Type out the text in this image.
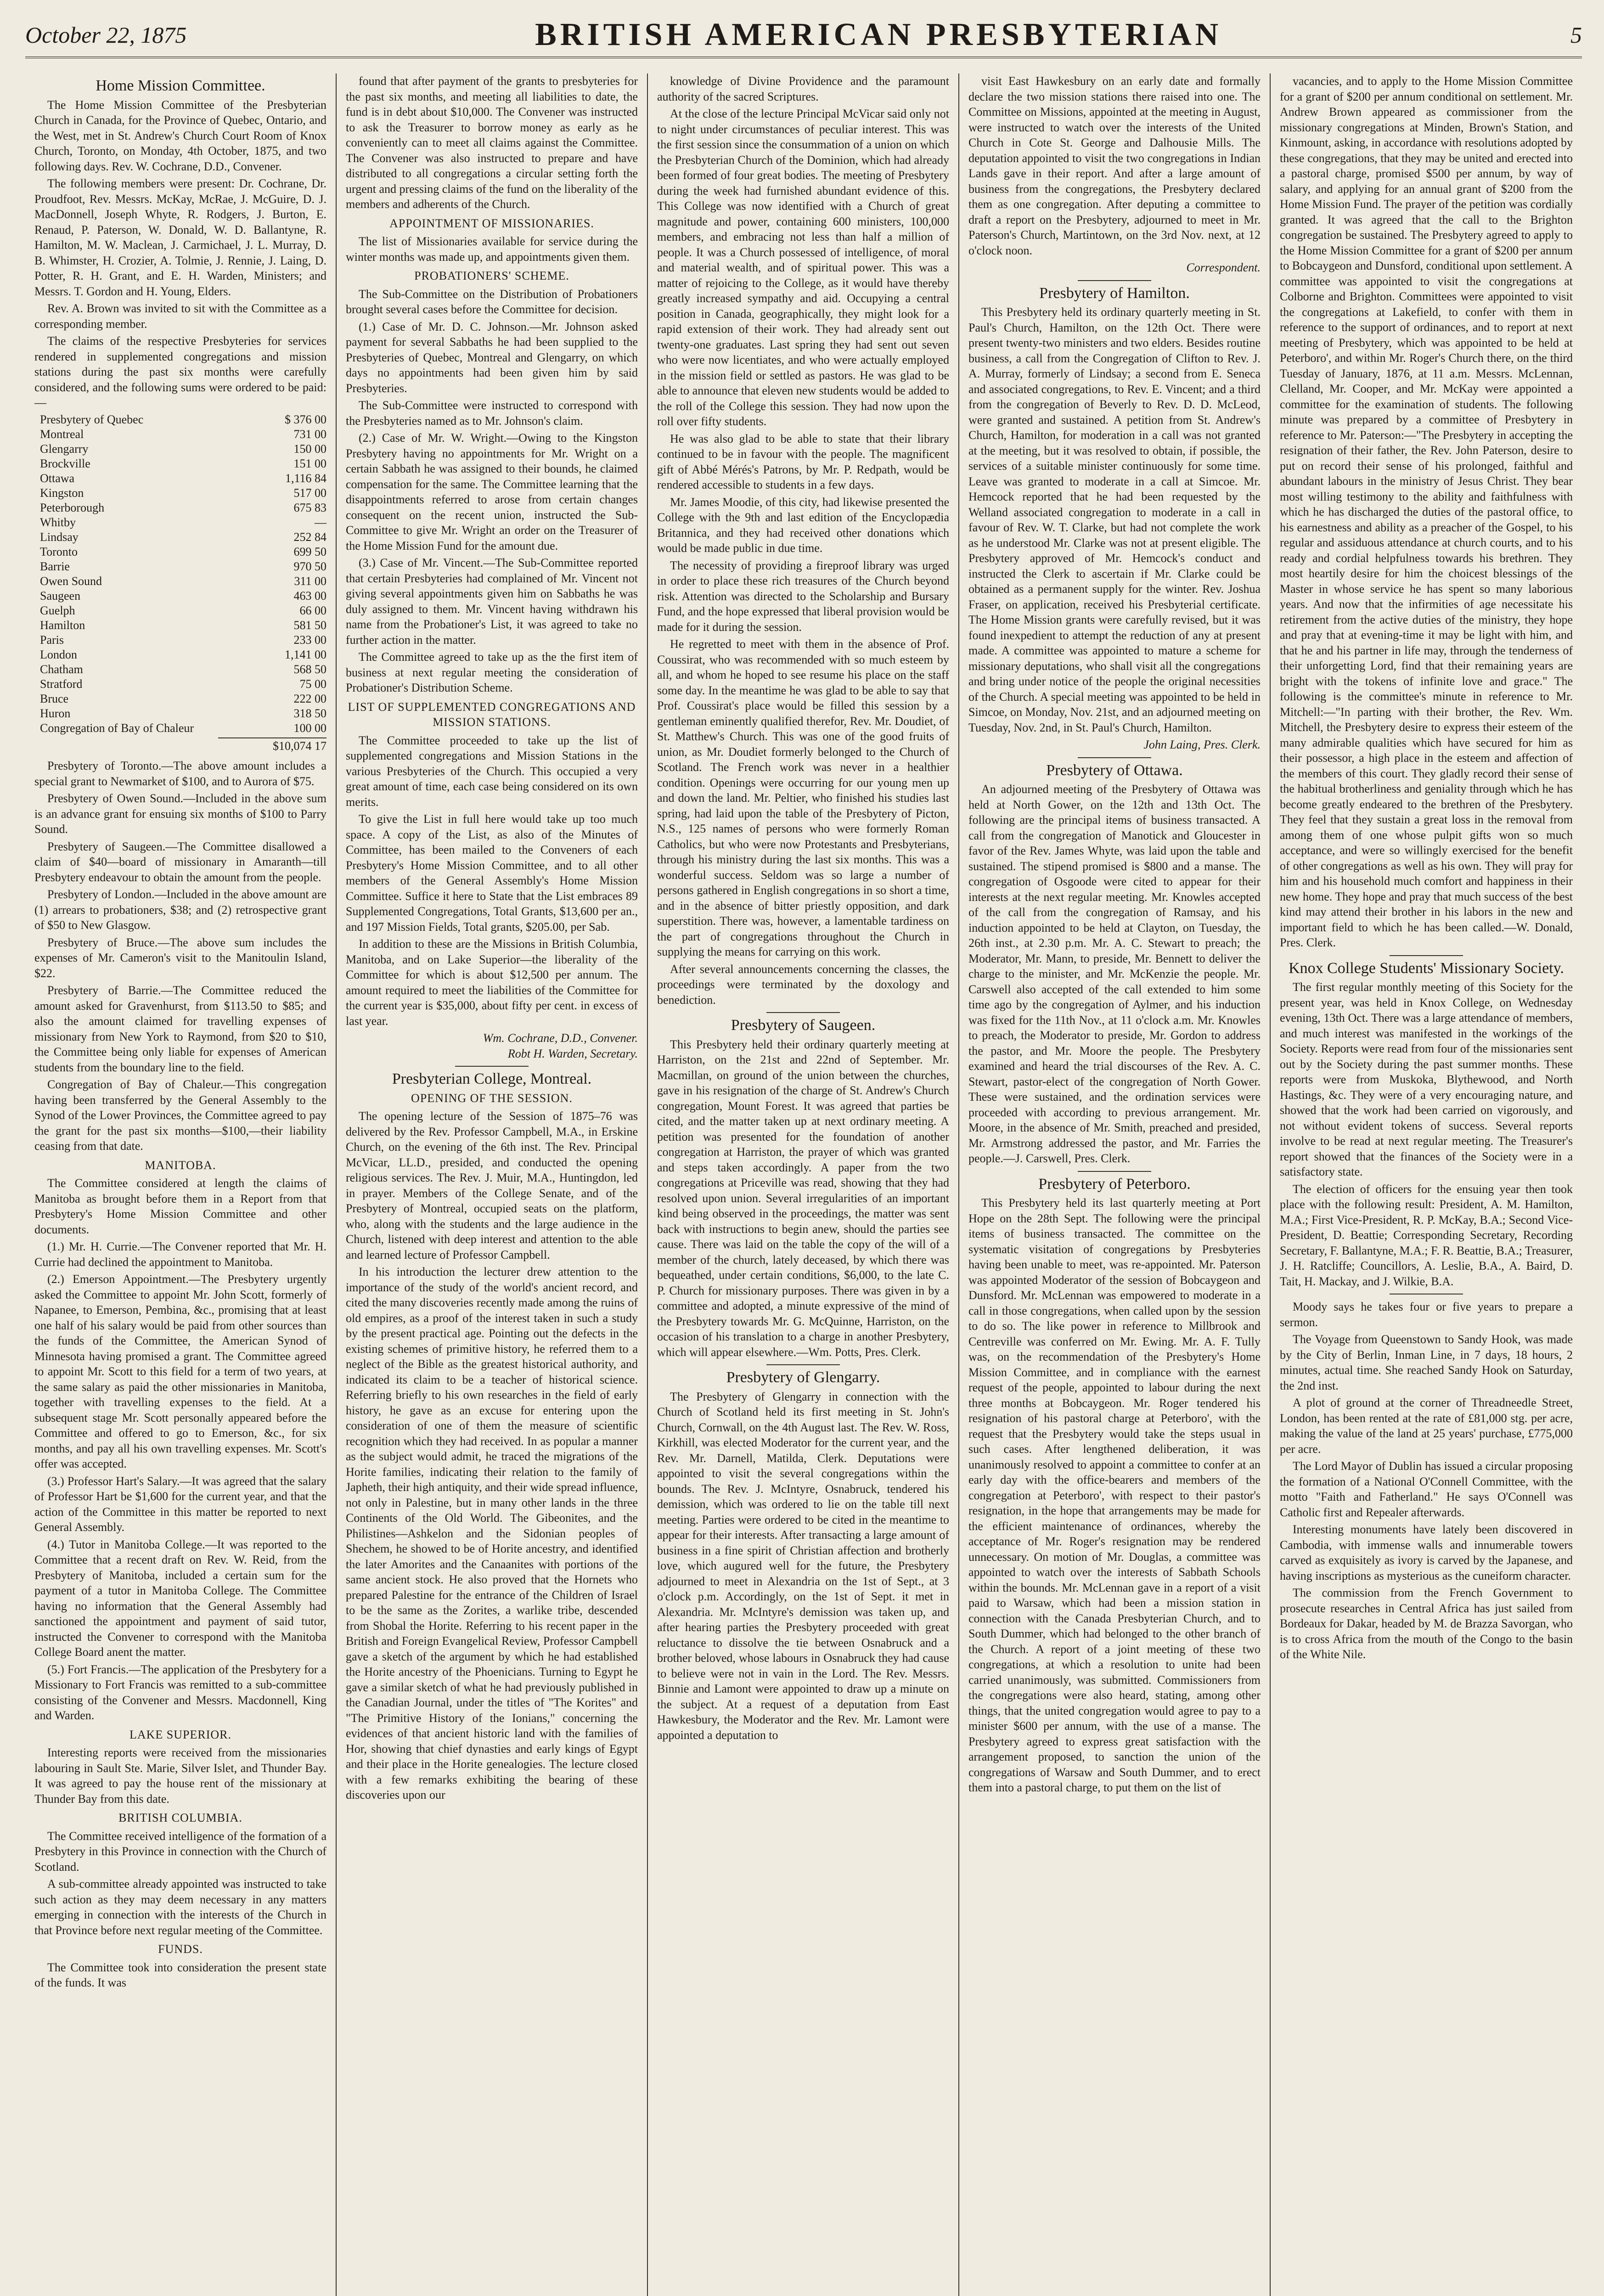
October 22, 1875	BRITISH AMERICAN PRESBYTERIAN	5
Home Mission Committee.

The Home Mission Committee of the Presbyterian Church in Canada, for the Province of Quebec, Ontario, and the West, met in St. Andrew's Church Court Room of Knox Church, Toronto, on Monday, 4th October, 1875, and two following days. Rev. W. Cochrane, D.D., Convener.

The following members were present: Dr. Cochrane, Dr. Proudfoot, Rev. Messrs. McKay, McRae, J. McGuire, D. J. MacDonnell, Joseph Whyte, R. Rodgers, J. Burton, E. Renaud, P. Paterson, W. Donald, W. D. Ballantyne, R. Hamilton, M. W. Maclean, J. Carmichael, J. L. Murray, D. B. Whimster, H. Crozier, A. Tolmie, J. Rennie, J. Laing, D. Potter, R. H. Grant, and E. H. Warden, Ministers; and Messrs. T. Gordon and H. Young, Elders.

Rev. A. Brown was invited to sit with the Committee as a corresponding member.

The claims of the respective Presbyteries for services rendered in supplemented congregations and mission stations during the past six months were carefully considered, and the following sums were ordered to be paid:—

Presbytery of Quebec	$ 376 00
Montreal	731 00
Glengarry	150 00
Brockville	151 00
Ottawa	1,116 84
Kingston	517 00
Peterborough	675 83
Whitby	—
Lindsay	252 84
Toronto	699 50
Barrie	970 50
Owen Sound	311 00
Saugeen	463 00
Guelph	66 00
Hamilton	581 50
Paris	233 00
London	1,141 00
Chatham	568 50
Stratford	75 00
Bruce	222 00
Huron	318 50
Congregation of Bay of Chaleur	100 00
$10,074 17

Presbytery of Toronto.—The above amount includes a special grant to Newmarket of $100, and to Aurora of $75.

Presbytery of Owen Sound.—Included in the above sum is an advance grant for ensuing six months of $100 to Parry Sound.

Presbytery of Saugeen.—The Committee disallowed a claim of $40—board of missionary in Amaranth—till Presbytery endeavour to obtain the amount from the people.

Presbytery of London.—Included in the above amount are (1) arrears to probationers, $38; and (2) retrospective grant of $50 to New Glasgow.

Presbytery of Bruce.—The above sum includes the expenses of Mr. Cameron's visit to the Manitoulin Island, $22.

Presbytery of Barrie.—The Committee reduced the amount asked for Gravenhurst, from $113.50 to $85; and also the amount claimed for travelling expenses of missionary from New York to Raymond, from $20 to $10, the Committee being only liable for expenses of American students from the boundary line to the field.

Congregation of Bay of Chaleur.—This congregation having been transferred by the General Assembly to the Synod of the Lower Provinces, the Committee agreed to pay the grant for the past six months—$100,—their liability ceasing from that date.

MANITOBA.

The Committee considered at length the claims of Manitoba as brought before them in a Report from that Presbytery's Home Mission Committee and other documents.

(1.) Mr. H. Currie.—The Convener reported that Mr. H. Currie had declined the appointment to Manitoba.

(2.) Emerson Appointment.—The Presbytery urgently asked the Committee to appoint Mr. John Scott, formerly of Napanee, to Emerson, Pembina, &c., promising that at least one half of his salary would be paid from other sources than the funds of the Committee, the American Synod of Minnesota having promised a grant. The Committee agreed to appoint Mr. Scott to this field for a term of two years, at the same salary as paid the other missionaries in Manitoba, together with travelling expenses to the field. At a subsequent stage Mr. Scott personally appeared before the Committee and offered to go to Emerson, &c., for six months, and pay all his own travelling expenses. Mr. Scott's offer was accepted.

(3.) Professor Hart's Salary.—It was agreed that the salary of Professor Hart be $1,600 for the current year, and that the action of the Committee in this matter be reported to next General Assembly.

(4.) Tutor in Manitoba College.—It was reported to the Committee that a recent draft on Rev. W. Reid, from the Presbytery of Manitoba, included a certain sum for the payment of a tutor in Manitoba College. The Committee having no information that the General Assembly had sanctioned the appointment and payment of said tutor, instructed the Convener to correspond with the Manitoba College Board anent the matter.

(5.) Fort Francis.—The application of the Presbytery for a Missionary to Fort Francis was remitted to a sub-committee consisting of the Convener and Messrs. Macdonnell, King and Warden.

LAKE SUPERIOR.

Interesting reports were received from the missionaries labouring in Sault Ste. Marie, Silver Islet, and Thunder Bay. It was agreed to pay the house rent of the missionary at Thunder Bay from this date.

BRITISH COLUMBIA.

The Committee received intelligence of the formation of a Presbytery in this Province in connection with the Church of Scotland.

A sub-committee already appointed was instructed to take such action as they may deem necessary in any matters emerging in connection with the interests of the Church in that Province before next regular meeting of the Committee.

FUNDS.

The Committee took into consideration the present state of the funds. It was

found that after payment of the grants to presbyteries for the past six months, and meeting all liabilities to date, the fund is in debt about $10,000. The Convener was instructed to ask the Treasurer to borrow money as early as he conveniently can to meet all claims against the Committee. The Convener was also instructed to prepare and have distributed to all congregations a circular setting forth the urgent and pressing claims of the fund on the liberality of the members and adherents of the Church.

APPOINTMENT OF MISSIONARIES.

The list of Missionaries available for service during the winter months was made up, and appointments given them.

PROBATIONERS' SCHEME.

The Sub-Committee on the Distribution of Probationers brought several cases before the Committee for decision.

(1.) Case of Mr. D. C. Johnson.—Mr. Johnson asked payment for several Sabbaths he had been supplied to the Presbyteries of Quebec, Montreal and Glengarry, on which days no appointments had been given him by said Presbyteries.

The Sub-Committee were instructed to correspond with the Presbyteries named as to Mr. Johnson's claim.

(2.) Case of Mr. W. Wright.—Owing to the Kingston Presbytery having no appointments for Mr. Wright on a certain Sabbath he was assigned to their bounds, he claimed compensation for the same. The Committee learning that the disappointments referred to arose from certain changes consequent on the recent union, instructed the Sub-Committee to give Mr. Wright an order on the Treasurer of the Home Mission Fund for the amount due.

(3.) Case of Mr. Vincent.—The Sub-Committee reported that certain Presbyteries had complained of Mr. Vincent not giving several appointments given him on Sabbaths he was duly assigned to them. Mr. Vincent having withdrawn his name from the Probationer's List, it was agreed to take no further action in the matter.

The Committee agreed to take up as the the first item of business at next regular meeting the consideration of Probationer's Distribution Scheme.

LIST OF SUPPLEMENTED CONGREGATIONS AND MISSION STATIONS.

The Committee proceeded to take up the list of supplemented congregations and Mission Stations in the various Presbyteries of the Church. This occupied a very great amount of time, each case being considered on its own merits.

To give the List in full here would take up too much space. A copy of the List, as also of the Minutes of Committee, has been mailed to the Conveners of each Presbytery's Home Mission Committee, and to all other members of the General Assembly's Home Mission Committee. Suffice it here to State that the List embraces 89 Supplemented Congregations, Total Grants, $13,600 per an., and 197 Mission Fields, Total grants, $205.00, per Sab.

In addition to these are the Missions in British Columbia, Manitoba, and on Lake Superior—the liberality of the Committee for which is about $12,500 per annum. The amount required to meet the liabilities of the Committee for the current year is $35,000, about fifty per cent. in excess of last year.

Wm. Cochrane, D.D., Convener.
Robt H. Warden, Secretary.
Presbyterian College, Montreal.
OPENING OF THE SESSION.

The opening lecture of the Session of 1875–76 was delivered by the Rev. Professor Campbell, M.A., in Erskine Church, on the evening of the 6th inst. The Rev. Principal McVicar, LL.D., presided, and conducted the opening religious services. The Rev. J. Muir, M.A., Huntingdon, led in prayer. Members of the College Senate, and of the Presbytery of Montreal, occupied seats on the platform, who, along with the students and the large audience in the Church, listened with deep interest and attention to the able and learned lecture of Professor Campbell.

In his introduction the lecturer drew attention to the importance of the study of the world's ancient record, and cited the many discoveries recently made among the ruins of old empires, as a proof of the interest taken in such a study by the present practical age. Pointing out the defects in the existing schemes of primitive history, he referred them to a neglect of the Bible as the greatest historical authority, and indicated its claim to be a teacher of historical science. Referring briefly to his own researches in the field of early history, he gave as an excuse for entering upon the consideration of one of them the measure of scientific recognition which they had received. In as popular a manner as the subject would admit, he traced the migrations of the Horite families, indicating their relation to the family of Japheth, their high antiquity, and their wide spread influence, not only in Palestine, but in many other lands in the three Continents of the Old World. The Gibeonites, and the Philistines—Ashkelon and the Sidonian peoples of Shechem, he showed to be of Horite ancestry, and identified the later Amorites and the Canaanites with portions of the same ancient stock. He also proved that the Hornets who prepared Palestine for the entrance of the Children of Israel to be the same as the Zorites, a warlike tribe, descended from Shobal the Horite. Referring to his recent paper in the British and Foreign Evangelical Review, Professor Campbell gave a sketch of the argument by which he had established the Horite ancestry of the Phoenicians. Turning to Egypt he gave a similar sketch of what he had previously published in the Canadian Journal, under the titles of "The Korites" and "The Primitive History of the Ionians," concerning the evidences of that ancient historic land with the families of Hor, showing that chief dynasties and early kings of Egypt and their place in the Horite genealogies. The lecture closed with a few remarks exhibiting the bearing of these discoveries upon our

knowledge of Divine Providence and the paramount authority of the sacred Scriptures.

At the close of the lecture Principal McVicar said only not to night under circumstances of peculiar interest. This was the first session since the consummation of a union on which the Presbyterian Church of the Dominion, which had already been formed of four great bodies. The meeting of Presbytery during the week had furnished abundant evidence of this. This College was now identified with a Church of great magnitude and power, containing 600 ministers, 100,000 members, and embracing not less than half a million of people. It was a Church possessed of intelligence, of moral and material wealth, and of spiritual power. This was a matter of rejoicing to the College, as it would have thereby greatly increased sympathy and aid. Occupying a central position in Canada, geographically, they might look for a rapid extension of their work. They had already sent out twenty-one graduates. Last spring they had sent out seven who were now licentiates, and who were actually employed in the mission field or settled as pastors. He was glad to be able to announce that eleven new students would be added to the roll of the College this session. They had now upon the roll over fifty students.

He was also glad to be able to state that their library continued to be in favour with the people. The magnificent gift of Abbé Mérés's Patrons, by Mr. P. Redpath, would be rendered accessible to students in a few days.

Mr. James Moodie, of this city, had likewise presented the College with the 9th and last edition of the Encyclopædia Britannica, and they had received other donations which would be made public in due time.

The necessity of providing a fireproof library was urged in order to place these rich treasures of the Church beyond risk. Attention was directed to the Scholarship and Bursary Fund, and the hope expressed that liberal provision would be made for it during the session.

He regretted to meet with them in the absence of Prof. Coussirat, who was recommended with so much esteem by all, and whom he hoped to see resume his place on the staff some day. In the meantime he was glad to be able to say that Prof. Coussirat's place would be filled this session by a gentleman eminently qualified therefor, Rev. Mr. Doudiet, of St. Matthew's Church. This was one of the good fruits of union, as Mr. Doudiet formerly belonged to the Church of Scotland. The French work was never in a healthier condition. Openings were occurring for our young men up and down the land. Mr. Peltier, who finished his studies last spring, had laid upon the table of the Presbytery of Picton, N.S., 125 names of persons who were formerly Roman Catholics, but who were now Protestants and Presbyterians, through his ministry during the last six months. This was a wonderful success. Seldom was so large a number of persons gathered in English congregations in so short a time, and in the absence of bitter priestly opposition, and dark superstition. There was, however, a lamentable tardiness on the part of congregations throughout the Church in supplying the means for carrying on this work.

After several announcements concerning the classes, the proceedings were terminated by the doxology and benediction.

Presbytery of Saugeen.

This Presbytery held their ordinary quarterly meeting at Harriston, on the 21st and 22nd of September. Mr. Macmillan, on ground of the union between the churches, gave in his resignation of the charge of St. Andrew's Church congregation, Mount Forest. It was agreed that parties be cited, and the matter taken up at next ordinary meeting. A petition was presented for the foundation of another congregation at Harriston, the prayer of which was granted and steps taken accordingly. A paper from the two congregations at Priceville was read, showing that they had resolved upon union. Several irregularities of an important kind being observed in the proceedings, the matter was sent back with instructions to begin anew, should the parties see cause. There was laid on the table the copy of the will of a member of the church, lately deceased, by which there was bequeathed, under certain conditions, $6,000, to the late C. P. Church for missionary purposes. There was given in by a committee and adopted, a minute expressive of the mind of the Presbytery towards Mr. G. McQuinne, Harriston, on the occasion of his translation to a charge in another Presbytery, which will appear elsewhere.—Wm. Potts, Pres. Clerk.

Presbytery of Glengarry.

The Presbytery of Glengarry in connection with the Church of Scotland held its first meeting in St. John's Church, Cornwall, on the 4th August last. The Rev. W. Ross, Kirkhill, was elected Moderator for the current year, and the Rev. Mr. Darnell, Matilda, Clerk. Deputations were appointed to visit the several congregations within the bounds. The Rev. J. McIntyre, Osnabruck, tendered his demission, which was ordered to lie on the table till next meeting. Parties were ordered to be cited in the meantime to appear for their interests. After transacting a large amount of business in a fine spirit of Christian affection and brotherly love, which augured well for the future, the Presbytery adjourned to meet in Alexandria on the 1st of Sept., at 3 o'clock p.m. Accordingly, on the 1st of Sept. it met in Alexandria. Mr. McIntyre's demission was taken up, and after hearing parties the Presbytery proceeded with great reluctance to dissolve the tie between Osnabruck and a brother beloved, whose labours in Osnabruck they had cause to believe were not in vain in the Lord. The Rev. Messrs. Binnie and Lamont were appointed to draw up a minute on the subject. At a request of a deputation from East Hawkesbury, the Moderator and the Rev. Mr. Lamont were appointed a deputation to

visit East Hawkesbury on an early date and formally declare the two mission stations there raised into one. The Committee on Missions, appointed at the meeting in August, were instructed to watch over the interests of the United Church in Cote St. George and Dalhousie Mills. The deputation appointed to visit the two congregations in Indian Lands gave in their report. And after a large amount of business from the congregations, the Presbytery declared them as one congregation. After deputing a committee to draft a report on the Presbytery, adjourned to meet in Mr. Paterson's Church, Martintown, on the 3rd Nov. next, at 12 o'clock noon.

Correspondent.
Presbytery of Hamilton.

This Presbytery held its ordinary quarterly meeting in St. Paul's Church, Hamilton, on the 12th Oct. There were present twenty-two ministers and two elders. Besides routine business, a call from the Congregation of Clifton to Rev. J. A. Murray, formerly of Lindsay; a second from E. Seneca and associated congregations, to Rev. E. Vincent; and a third from the congregation of Beverly to Rev. D. D. McLeod, were granted and sustained. A petition from St. Andrew's Church, Hamilton, for moderation in a call was not granted at the meeting, but it was resolved to obtain, if possible, the services of a suitable minister continuously for some time. Leave was granted to moderate in a call at Simcoe. Mr. Hemcock reported that he had been requested by the Welland associated congregation to moderate in a call in favour of Rev. W. T. Clarke, but had not complete the work as he understood Mr. Clarke was not at present eligible. The Presbytery approved of Mr. Hemcock's conduct and instructed the Clerk to ascertain if Mr. Clarke could be obtained as a permanent supply for the winter. Rev. Joshua Fraser, on application, received his Presbyterial certificate. The Home Mission grants were carefully revised, but it was found inexpedient to attempt the reduction of any at present made. A committee was appointed to mature a scheme for missionary deputations, who shall visit all the congregations and bring under notice of the people the original necessities of the Church. A special meeting was appointed to be held in Simcoe, on Monday, Nov. 21st, and an adjourned meeting on Tuesday, Nov. 2nd, in St. Paul's Church, Hamilton.

John Laing, Pres. Clerk.
Presbytery of Ottawa.

An adjourned meeting of the Presbytery of Ottawa was held at North Gower, on the 12th and 13th Oct. The following are the principal items of business transacted. A call from the congregation of Manotick and Gloucester in favor of the Rev. James Whyte, was laid upon the table and sustained. The stipend promised is $800 and a manse. The congregation of Osgoode were cited to appear for their interests at the next regular meeting. Mr. Knowles accepted of the call from the congregation of Ramsay, and his induction appointed to be held at Clayton, on Tuesday, the 26th inst., at 2.30 p.m. Mr. A. C. Stewart to preach; the Moderator, Mr. Mann, to preside, Mr. Bennett to deliver the charge to the minister, and Mr. McKenzie the people. Mr. Carswell also accepted of the call extended to him some time ago by the congregation of Aylmer, and his induction was fixed for the 11th Nov., at 11 o'clock a.m. Mr. Knowles to preach, the Moderator to preside, Mr. Gordon to address the pastor, and Mr. Moore the people. The Presbytery examined and heard the trial discourses of the Rev. A. C. Stewart, pastor-elect of the congregation of North Gower. These were sustained, and the ordination services were proceeded with according to previous arrangement. Mr. Moore, in the absence of Mr. Smith, preached and presided, Mr. Armstrong addressed the pastor, and Mr. Farries the people.—J. Carswell, Pres. Clerk.

Presbytery of Peterboro.

This Presbytery held its last quarterly meeting at Port Hope on the 28th Sept. The following were the principal items of business transacted. The committee on the systematic visitation of congregations by Presbyteries having been unable to meet, was re-appointed. Mr. Paterson was appointed Moderator of the session of Bobcaygeon and Dunsford. Mr. McLennan was empowered to moderate in a call in those congregations, when called upon by the session to do so. The like power in reference to Millbrook and Centreville was conferred on Mr. Ewing. Mr. A. F. Tully was, on the recommendation of the Presbytery's Home Mission Committee, and in compliance with the earnest request of the people, appointed to labour during the next three months at Bobcaygeon. Mr. Roger tendered his resignation of his pastoral charge at Peterboro', with the request that the Presbytery would take the steps usual in such cases. After lengthened deliberation, it was unanimously resolved to appoint a committee to confer at an early day with the office-bearers and members of the congregation at Peterboro', with respect to their pastor's resignation, in the hope that arrangements may be made for the efficient maintenance of ordinances, whereby the acceptance of Mr. Roger's resignation may be rendered unnecessary. On motion of Mr. Douglas, a committee was appointed to watch over the interests of Sabbath Schools within the bounds. Mr. McLennan gave in a report of a visit paid to Warsaw, which had been a mission station in connection with the Canada Presbyterian Church, and to South Dummer, which had belonged to the other branch of the Church. A report of a joint meeting of these two congregations, at which a resolution to unite had been carried unanimously, was submitted. Commissioners from the congregations were also heard, stating, among other things, that the united congregation would agree to pay to a minister $600 per annum, with the use of a manse. The Presbytery agreed to express great satisfaction with the arrangement proposed, to sanction the union of the congregations of Warsaw and South Dummer, and to erect them into a pastoral charge, to put them on the list of

vacancies, and to apply to the Home Mission Committee for a grant of $200 per annum conditional on settlement. Mr. Andrew Brown appeared as commissioner from the missionary congregations at Minden, Brown's Station, and Kinmount, asking, in accordance with resolutions adopted by these congregations, that they may be united and erected into a pastoral charge, promised $500 per annum, by way of salary, and applying for an annual grant of $200 from the Home Mission Fund. The prayer of the petition was cordially granted. It was agreed that the call to the Brighton congregation be sustained. The Presbytery agreed to apply to the Home Mission Committee for a grant of $200 per annum to Bobcaygeon and Dunsford, conditional upon settlement. A committee was appointed to visit the congregations at Colborne and Brighton. Committees were appointed to visit the congregations at Lakefield, to confer with them in reference to the support of ordinances, and to report at next meeting of Presbytery, which was appointed to be held at Peterboro', and within Mr. Roger's Church there, on the third Tuesday of January, 1876, at 11 a.m. Messrs. McLennan, Clelland, Mr. Cooper, and Mr. McKay were appointed a committee for the examination of students. The following minute was prepared by a committee of Presbytery in reference to Mr. Paterson:—"The Presbytery in accepting the resignation of their father, the Rev. John Paterson, desire to put on record their sense of his prolonged, faithful and abundant labours in the ministry of Jesus Christ. They bear most willing testimony to the ability and faithfulness with which he has discharged the duties of the pastoral office, to his earnestness and ability as a preacher of the Gospel, to his regular and assiduous attendance at church courts, and to his ready and cordial helpfulness towards his brethren. They most heartily desire for him the choicest blessings of the Master in whose service he has spent so many laborious years. And now that the infirmities of age necessitate his retirement from the active duties of the ministry, they hope and pray that at evening-time it may be light with him, and that he and his partner in life may, through the tenderness of their unforgetting Lord, find that their remaining years are bright with the tokens of infinite love and grace." The following is the committee's minute in reference to Mr. Mitchell:—"In parting with their brother, the Rev. Wm. Mitchell, the Presbytery desire to express their esteem of the many admirable qualities which have secured for him as their possessor, a high place in the esteem and affection of the members of this court. They gladly record their sense of the habitual brotherliness and geniality through which he has become greatly endeared to the brethren of the Presbytery. They feel that they sustain a great loss in the removal from among them of one whose pulpit gifts won so much acceptance, and were so willingly exercised for the benefit of other congregations as well as his own. They will pray for him and his household much comfort and happiness in their new home. They hope and pray that much success of the best kind may attend their brother in his labors in the new and important field to which he has been called.—W. Donald, Pres. Clerk.

Knox College Students' Missionary Society.

The first regular monthly meeting of this Society for the present year, was held in Knox College, on Wednesday evening, 13th Oct. There was a large attendance of members, and much interest was manifested in the workings of the Society. Reports were read from four of the missionaries sent out by the Society during the past summer months. These reports were from Muskoka, Blythewood, and North Hastings, &c. They were of a very encouraging nature, and showed that the work had been carried on vigorously, and not without evident tokens of success. Several reports involve to be read at next regular meeting. The Treasurer's report showed that the finances of the Society were in a satisfactory state.

The election of officers for the ensuing year then took place with the following result: President, A. M. Hamilton, M.A.; First Vice-President, R. P. McKay, B.A.; Second Vice-President, D. Beattie; Corresponding Secretary, Recording Secretary, F. Ballantyne, M.A.; F. R. Beattie, B.A.; Treasurer, J. H. Ratcliffe; Councillors, A. Leslie, B.A., A. Baird, D. Tait, H. Mackay, and J. Wilkie, B.A.

Moody says he takes four or five years to prepare a sermon.

The Voyage from Queenstown to Sandy Hook, was made by the City of Berlin, Inman Line, in 7 days, 18 hours, 2 minutes, actual time. She reached Sandy Hook on Saturday, the 2nd inst.

A plot of ground at the corner of Threadneedle Street, London, has been rented at the rate of £81,000 stg. per acre, making the value of the land at 25 years' purchase, £775,000 per acre.

The Lord Mayor of Dublin has issued a circular proposing the formation of a National O'Connell Committee, with the motto "Faith and Fatherland." He says O'Connell was Catholic first and Repealer afterwards.

Interesting monuments have lately been discovered in Cambodia, with immense walls and innumerable towers carved as exquisitely as ivory is carved by the Japanese, and having inscriptions as mysterious as the cuneiform character.

The commission from the French Government to prosecute researches in Central Africa has just sailed from Bordeaux for Dakar, headed by M. de Brazza Savorgan, who is to cross Africa from the mouth of the Congo to the basin of the White Nile.
